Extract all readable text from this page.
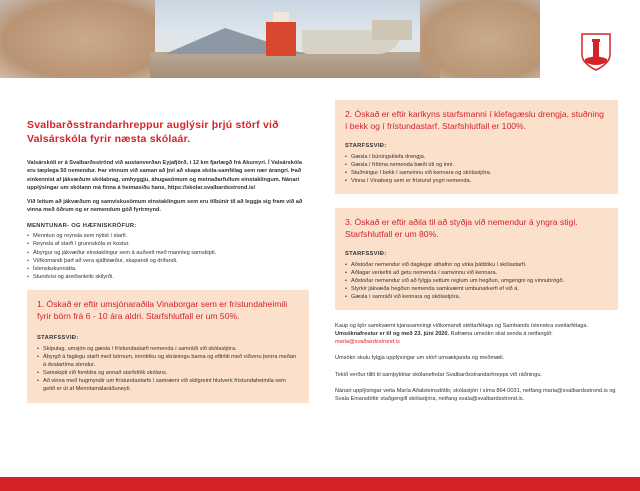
Svalbarðsstrandarhreppur auglýsir þrjú störf við Valsárskóla fyrir næsta skólaár.

Valsárskóli er á Svalbarðsströnd við austanverðan Eyjafjörð, í 12 km fjarlægð frá Akureyri. Í Valsárskóla eru tæplega 50 nemendur. Þar vinnum við saman að því að skapa skóla-samfélag sem nær árangri. Það einkennist af jákvæðum skólabrag, umhyggju, áhugasömum og metnaðarfullum einstaklingum. Nánari upplýsingar um skólann má finna á heimasíðu hans, https://skolar.svalbardsstrond.is/

Við leitum að jákvæðum og samviskusömum einstaklingum sem eru tilbúnir til að leggja sig fram við að vinna með öðrum og er nemendum góð fyrirmynd.

MENNTUNAR- OG HÆFNISKRÖFUR:
• Menntun og reynsla sem nýtist í starfi.
• Reynsla af starfi í grunnskóla er kostur.
• Ábyrgur og jákvæður einstaklingur sem á auðvelt með mannleg samskipti.
• Víðkomandi þarf að vera sjálfstæður, skapandi og drífandi.
• Íslenskukunnátta.
• Stundvísi og áreiðanleiki skilyrði.
1. Óskað er eftir umsjónaraðila Vinaborgar sem er frístundaheimili fyrir börn frá 6 - 10 ára aldri. Starfshlutfall er um 50%.
STARFSSVIÐ:
• Skipulag, umsjón og gæsla í frístundastarfi nemenda í samráði við skólastjóra.
• Ábyrgð á faglegu starfi með börnum, innritöku og skráningu barna og eftirliti með viðveru þeirra meðan á dvalartíma stendur.
• Samskipti við foreldra og annað starfsfólk skólans.
• Að vinna með hugmyndir um frístundastarfs í samræmi við skilgreint hlutverk frístundaheimila sem getið er út af Menntamálaráðuneyti.
2. Óskað er eftir karlkyns starfsmanni í klefagæslu drengja, stuðning í bekk og í frístundastarf. Starfshlutfall er 100%.
STARFSSVIÐ:
• Gæsla í búningsklefa drengja.
• Gæsla í frítíma nemenda bæði úti og inni.
• Stuðningur í bekk í samvinnu við kennara og skólastjóra.
• Vinna í Vinaborg sem er frístund yngri nemenda.
3. Óskað er eftir aðila til að styðja við nemendur á yngra stigi. Starfshlutfall er um 80%.
STARFSSVIÐ:
• Aðstoðar nemendur við daglegar athafnir og virka þátttöku í skólastarfi.
• Aðlagar verkefni að getu nemenda í samvinnu við kennara.
• Aðstoðar nemendur við að fylgja settum reglum um hegðun, umgengni og vinnubrögð.
• Styrkir jákvæða hegðun nemenda samkvæmt umbunarkerfi ef við á.
• Gæsla í samráði við kennara og skólastjóra.

Kaup og kjör samkvæmt kjarasamningi viðkomandi stéttarfélags og Sambands íslenskra sveitarfélaga. Umsóknafrestur er til og með 23. júní 2020. Rafræna umsókn skal senda á netfangið: maria@svalbardsstrond.is

Umsókn skulu fylgja upplýsingar um störf umsækjanda og meðmæli.

Tekið verður tillit til samþykktar skólanefndar Svalbarðsstrandarhrepps við ráðningu.

Nánari upplýsingar veita María Aðalsteinsdóttir, skólastjóri í síma 864 0031, netfang maria@svalbardsstrond.is og Svala Einarsdóttir staðgengill skólastjóra, netfang svala@svalbardsstrond.is.
